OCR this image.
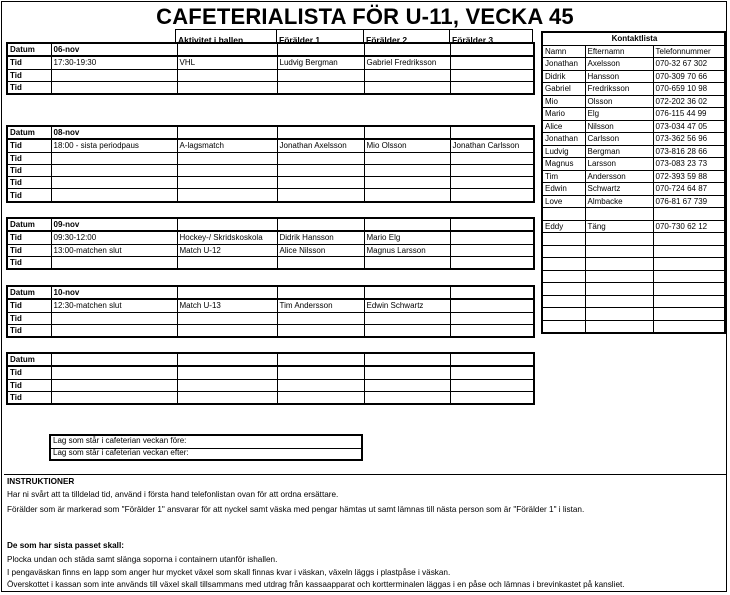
CAFETERIALISTA FÖR U-11, VECKA 45
Aktivitet i hallen	Förälder 1	Förälder 2	Förälder 3
Datum	06-nov				
Tid	17:30-19:30	VHL	Ludvig Bergman	Gabriel Fredriksson	
Tid					
Tid					
Datum	08-nov				
Tid	18:00 - sista periodpaus	A-lagsmatch	Jonathan Axelsson	Mio Olsson	Jonathan Carlsson
Tid					
Tid					
Tid					
Tid					
Datum	09-nov				
Tid	09:30-12:00	Hockey-/ Skridskoskola	Didrik Hansson	Mario Elg	
Tid	13:00-matchen slut	Match U-12	Alice Nilsson	Magnus Larsson	
Tid					
Datum	10-nov				
Tid	12:30-matchen slut	Match U-13	Tim Andersson	Edwin Schwartz	
Tid					
Tid					
Datum					
Tid					
Tid					
Tid					
Kontaktlista		
Namn	Efternamn	Telefonnummer
Jonathan	Axelsson	070-32 67 302
Didrik	Hansson	070-309 70 66
Gabriel	Fredriksson	070-659 10 98
Mio	Olsson	072-202 36 02
Mario	Elg	076-115 44 99
Alice	Nilsson	073-034 47 05
Jonathan	Carlsson	073-362 56 96
Ludvig	Bergman	073-816 28 66
Magnus	Larsson	073-083 23 73
Tim	Andersson	072-393 59 88
Edwin	Schwartz	070-724 64 87
Love	Almbacke	076-81 67 739

Eddy	Täng	070-730 62 12

Lag som står i cafeterian veckan före:
Lag som står i cafeterian veckan efter:
INSTRUKTIONER
Har ni svårt att ta tilldelad tid, använd i första hand telefonlistan ovan för att ordna ersättare.
Förälder som är markerad som "Förälder 1" ansvarar för att nyckel samt väska med pengar hämtas ut samt lämnas till nästa person som är "Förälder 1" i listan.
De som har sista passet skall:
Plocka undan och städa samt slänga soporna i containern utanför ishallen.
I pengaväskan finns en lapp som anger hur mycket växel som skall finnas kvar i väskan, växeln läggs i plastpåse i väskan.
Överskottet i kassan som inte används till växel skall tillsammans med utdrag från kassaapparat och kortterminalen läggas i en påse och lämnas i brevinkastet på kansliet.
